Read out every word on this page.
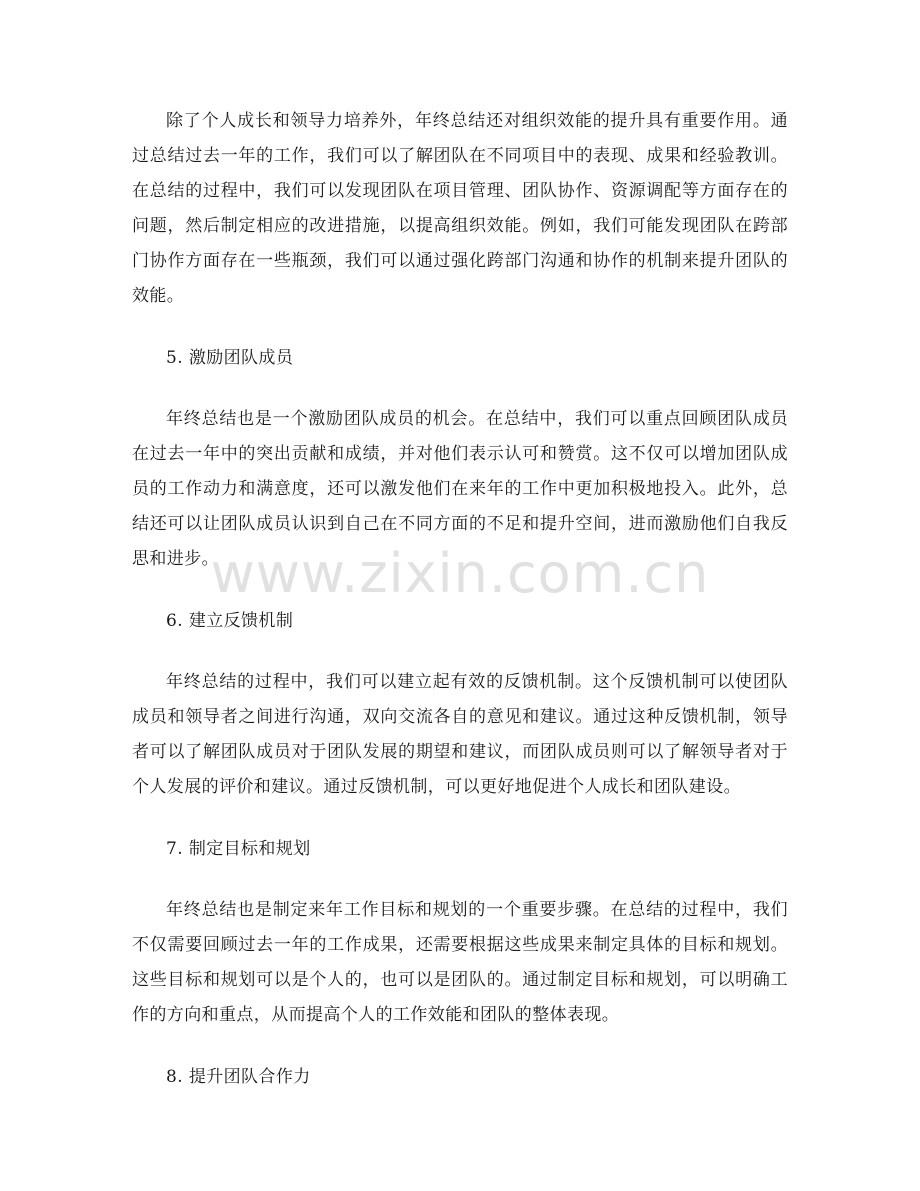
除了个人成长和领导力培养外，年终总结还对组织效能的提升具有重要作用。通过总结过去一年的工作，我们可以了解团队在不同项目中的表现、成果和经验教训。在总结的过程中，我们可以发现团队在项目管理、团队协作、资源调配等方面存在的问题，然后制定相应的改进措施，以提高组织效能。例如，我们可能发现团队在跨部门协作方面存在一些瓶颈，我们可以通过强化跨部门沟通和协作的机制来提升团队的效能。

5. 激励团队成员

年终总结也是一个激励团队成员的机会。在总结中，我们可以重点回顾团队成员在过去一年中的突出贡献和成绩，并对他们表示认可和赞赏。这不仅可以增加团队成员的工作动力和满意度，还可以激发他们在来年的工作中更加积极地投入。此外，总结还可以让团队成员认识到自己在不同方面的不足和提升空间，进而激励他们自我反思和进步。

6. 建立反馈机制

年终总结的过程中，我们可以建立起有效的反馈机制。这个反馈机制可以使团队成员和领导者之间进行沟通，双向交流各自的意见和建议。通过这种反馈机制，领导者可以了解团队成员对于团队发展的期望和建议，而团队成员则可以了解领导者对于个人发展的评价和建议。通过反馈机制，可以更好地促进个人成长和团队建设。

7. 制定目标和规划

年终总结也是制定来年工作目标和规划的一个重要步骤。在总结的过程中，我们不仅需要回顾过去一年的工作成果，还需要根据这些成果来制定具体的目标和规划。这些目标和规划可以是个人的，也可以是团队的。通过制定目标和规划，可以明确工作的方向和重点，从而提高个人的工作效能和团队的整体表现。

8. 提升团队合作力

www.zixin.com.cn
